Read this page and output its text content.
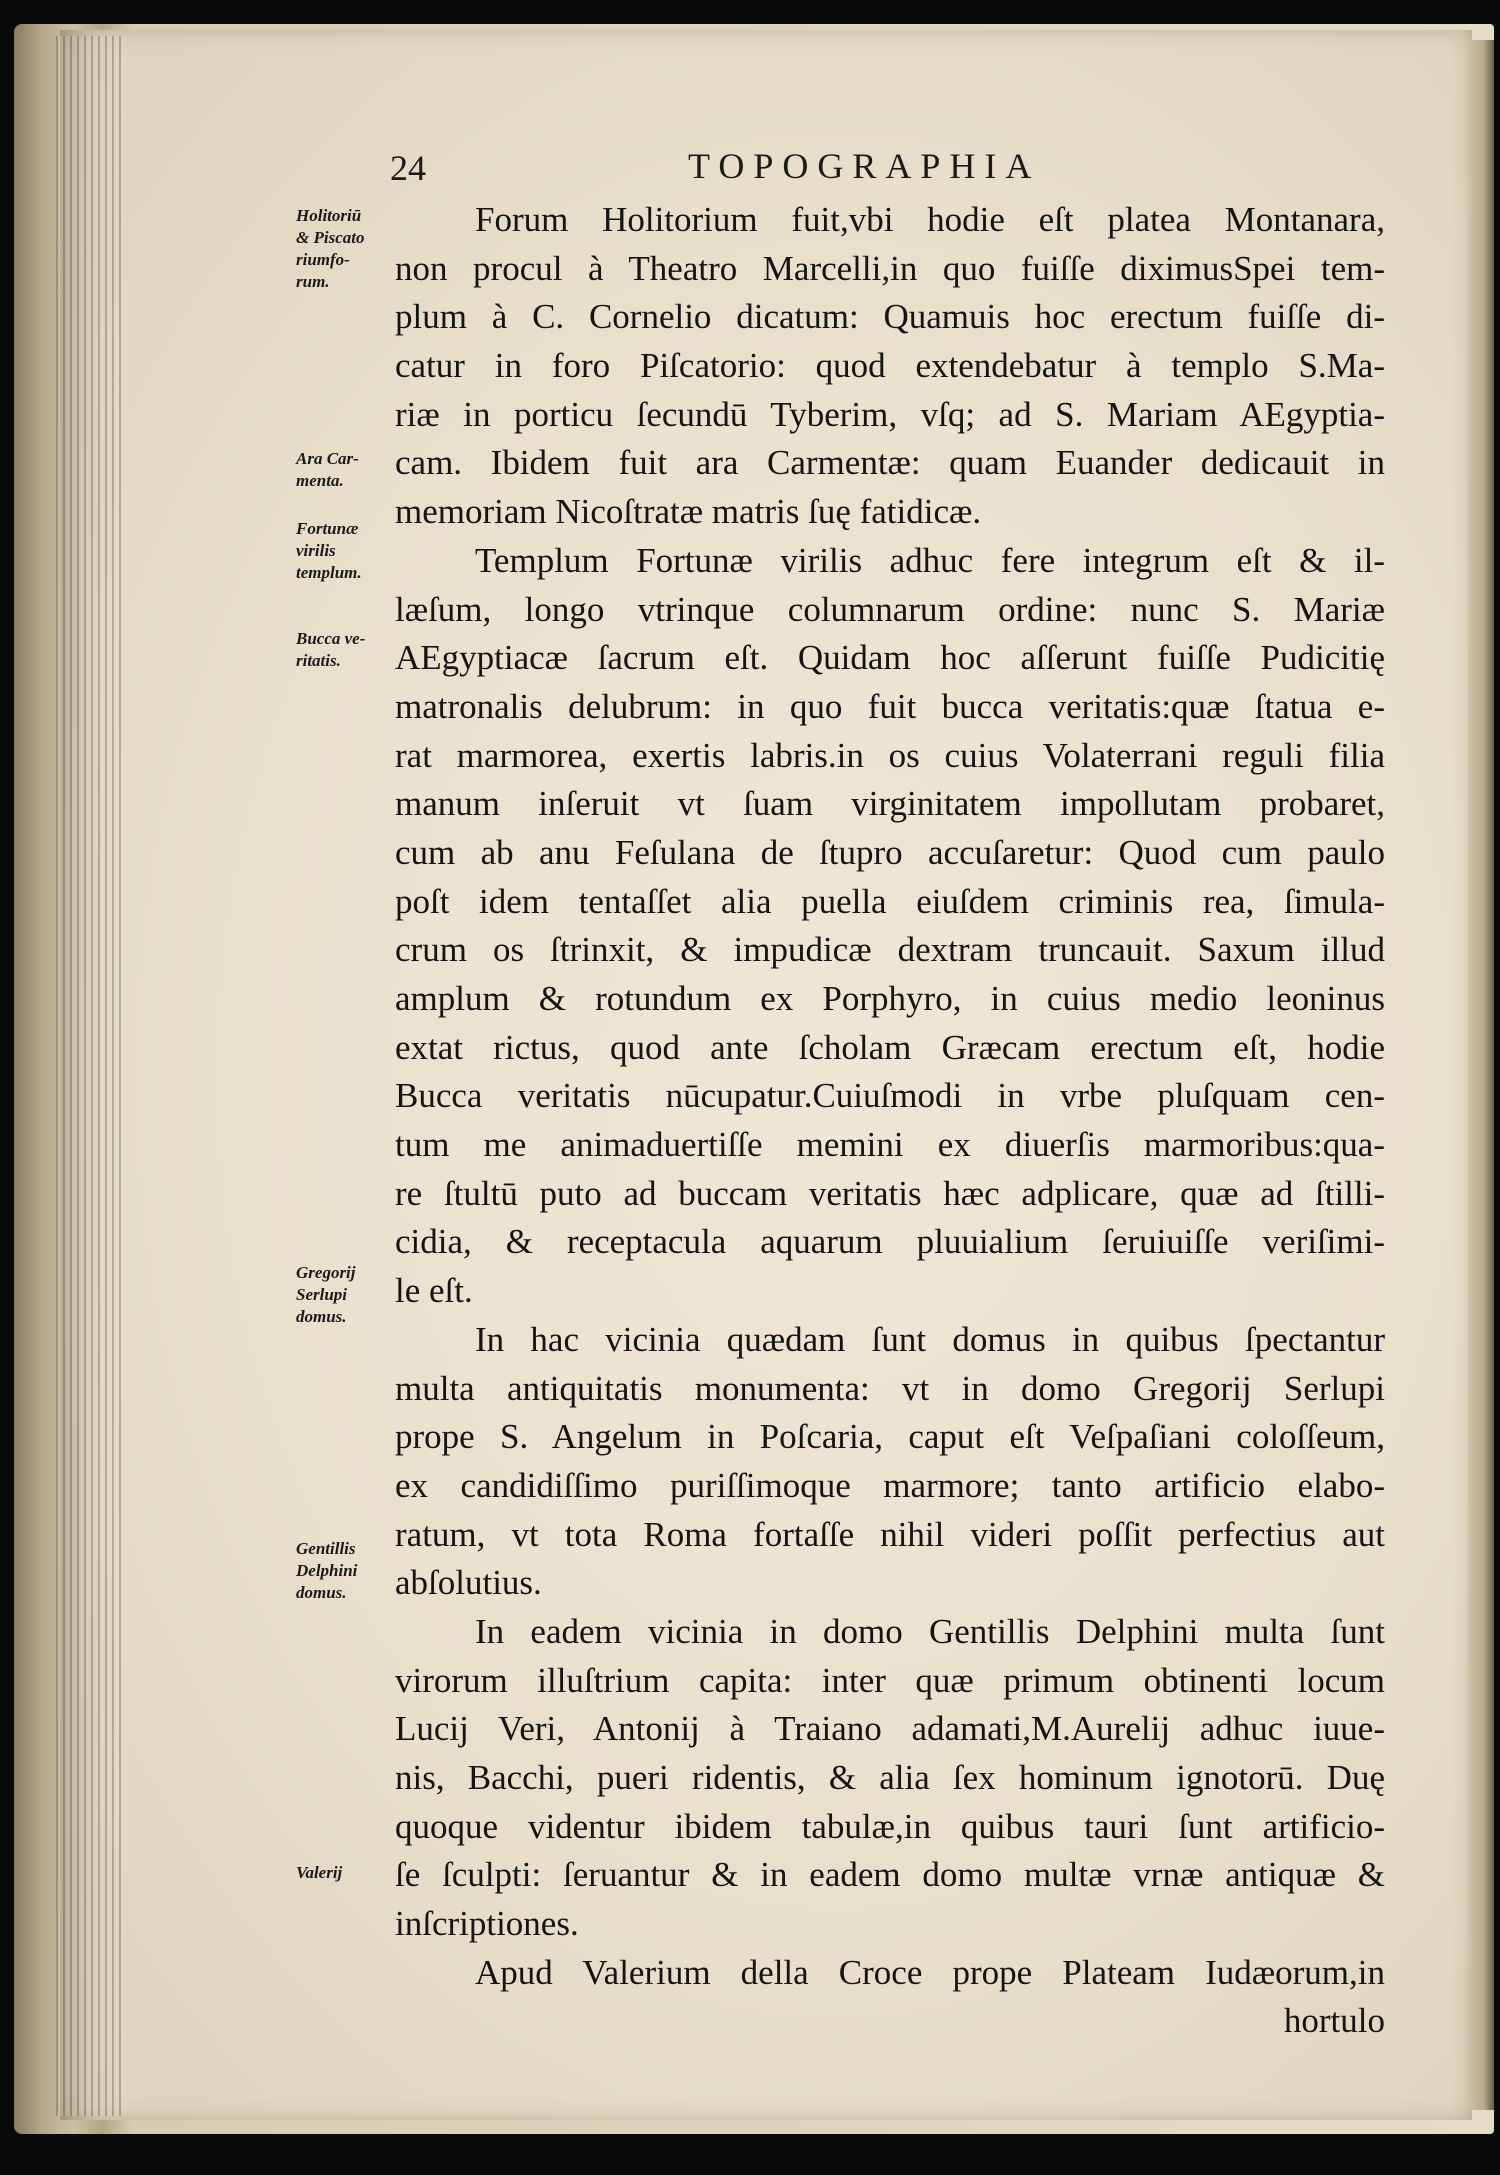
24	TOPOGRAPHIA
Holitoriū
& Piscato
riumfo-
rum.
Ara Car-
menta.
Fortunæ
virilis
templum.
Bucca ve-
ritatis.
Gregorij
Serlupi
domus.
Gentillis
Delphini
domus.
Valerij
Forum Holitorium fuit,vbi hodie eſt platea Montanara,
non procul à Theatro Marcelli,in quo fuiſſe diximusSpei tem-
plum à C. Cornelio dicatum: Quamuis hoc erectum fuiſſe di-
catur in foro Piſcatorio: quod extendebatur à templo S.Ma-
riæ in porticu ſecundū Tyberim, vſq; ad S. Mariam AEgyptia-
cam. Ibidem fuit ara Carmentæ: quam Euander dedicauit in
memoriam Nicoſtratæ matris ſuę fatidicæ.
Templum Fortunæ virilis adhuc fere integrum eſt & il-
læſum, longo vtrinque columnarum ordine: nunc S. Mariæ
AEgyptiacæ ſacrum eſt. Quidam hoc aſſerunt fuiſſe Pudicitię
matronalis delubrum: in quo fuit bucca veritatis:quæ ſtatua e-
rat marmorea, exertis labris.in os cuius Volaterrani reguli filia
manum inſeruit vt ſuam virginitatem impollutam probaret,
cum ab anu Feſulana de ſtupro accuſaretur: Quod cum paulo
poſt idem tentaſſet alia puella eiuſdem criminis rea, ſimula-
crum os ſtrinxit, & impudicæ dextram truncauit. Saxum illud
amplum & rotundum ex Porphyro, in cuius medio leoninus
extat rictus, quod ante ſcholam Græcam erectum eſt, hodie
Bucca veritatis nūcupatur.Cuiuſmodi in vrbe pluſquam cen-
tum me animaduertiſſe memini ex diuerſis marmoribus:qua-
re ſtultū puto ad buccam veritatis hæc adplicare, quæ ad ſtilli-
cidia, & receptacula aquarum pluuialium ſeruiuiſſe veriſimi-
le eſt.
In hac vicinia quædam ſunt domus in quibus ſpectantur
multa antiquitatis monumenta: vt in domo Gregorij Serlupi
prope S. Angelum in Poſcaria, caput eſt Veſpaſiani coloſſeum,
ex candidiſſimo puriſſimoque marmore; tanto artificio elabo-
ratum, vt tota Roma fortaſſe nihil videri poſſit perfectius aut
abſolutius.
In eadem vicinia in domo Gentillis Delphini multa ſunt
virorum illuſtrium capita: inter quæ primum obtinenti locum
Lucij Veri, Antonij à Traiano adamati,M.Aurelij adhuc iuue-
nis, Bacchi, pueri ridentis, & alia ſex hominum ignotorū. Duę
quoque videntur ibidem tabulæ,in quibus tauri ſunt artificio-
ſe ſculpti: ſeruantur & in eadem domo multæ vrnæ antiquæ &
inſcriptiones.
Apud Valerium della Croce prope Plateam Iudæorum,in
hortulo
